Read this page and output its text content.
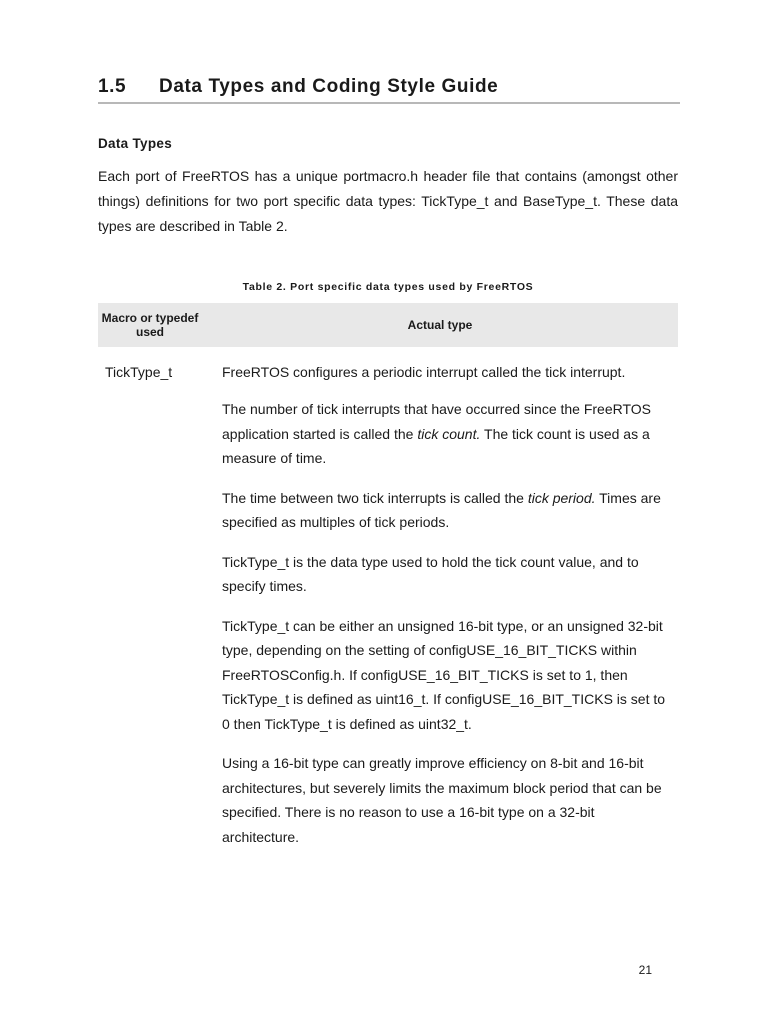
1.5 Data Types and Coding Style Guide
Data Types

Each port of FreeRTOS has a unique portmacro.h header file that contains (amongst other things) definitions for two port specific data types: TickType_t and BaseType_t. These data types are described in Table 2.

Table 2. Port specific data types used by FreeRTOS
Macro or typedef used	Actual type
TickType_t	FreeRTOS configures a periodic interrupt called the tick interrupt.

The number of tick interrupts that have occurred since the FreeRTOS application started is called the tick count. The tick count is used as a measure of time.

The time between two tick interrupts is called the tick period. Times are specified as multiples of tick periods.

TickType_t is the data type used to hold the tick count value, and to specify times.

TickType_t can be either an unsigned 16-bit type, or an unsigned 32-bit type, depending on the setting of configUSE_16_BIT_TICKS within FreeRTOSConfig.h. If configUSE_16_BIT_TICKS is set to 1, then TickType_t is defined as uint16_t. If configUSE_16_BIT_TICKS is set to 0 then TickType_t is defined as uint32_t.

Using a 16-bit type can greatly improve efficiency on 8-bit and 16-bit architectures, but severely limits the maximum block period that can be specified. There is no reason to use a 16-bit type on a 32-bit architecture.

21
